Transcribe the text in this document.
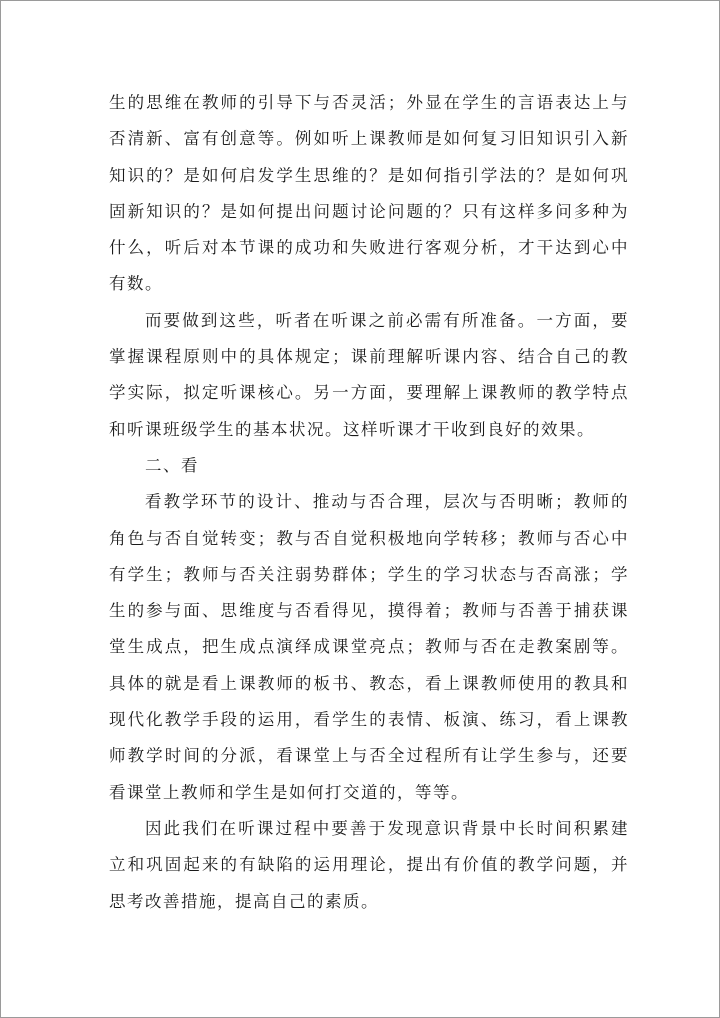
生的思维在教师的引导下与否灵活；外显在学生的言语表达上与否清新、富有创意等。例如听上课教师是如何复习旧知识引入新知识的？是如何启发学生思维的？是如何指引学法的？是如何巩固新知识的？是如何提出问题讨论问题的？只有这样多问多种为什么，听后对本节课的成功和失败进行客观分析，才干达到心中有数。

而要做到这些，听者在听课之前必需有所准备。一方面，要掌握课程原则中的具体规定；课前理解听课内容、结合自己的教学实际，拟定听课核心。另一方面，要理解上课教师的教学特点和听课班级学生的基本状况。这样听课才干收到良好的效果。

二、看

看教学环节的设计、推动与否合理，层次与否明晰；教师的角色与否自觉转变；教与否自觉积极地向学转移；教师与否心中有学生；教师与否关注弱势群体；学生的学习状态与否高涨；学生的参与面、思维度与否看得见，摸得着；教师与否善于捕获课堂生成点，把生成点演绎成课堂亮点；教师与否在走教案剧等。具体的就是看上课教师的板书、教态，看上课教师使用的教具和现代化教学手段的运用，看学生的表情、板演、练习，看上课教师教学时间的分派，看课堂上与否全过程所有让学生参与，还要看课堂上教师和学生是如何打交道的，等等。

因此我们在听课过程中要善于发现意识背景中长时间积累建立和巩固起来的有缺陷的运用理论，提出有价值的教学问题，并思考改善措施，提高自己的素质。
